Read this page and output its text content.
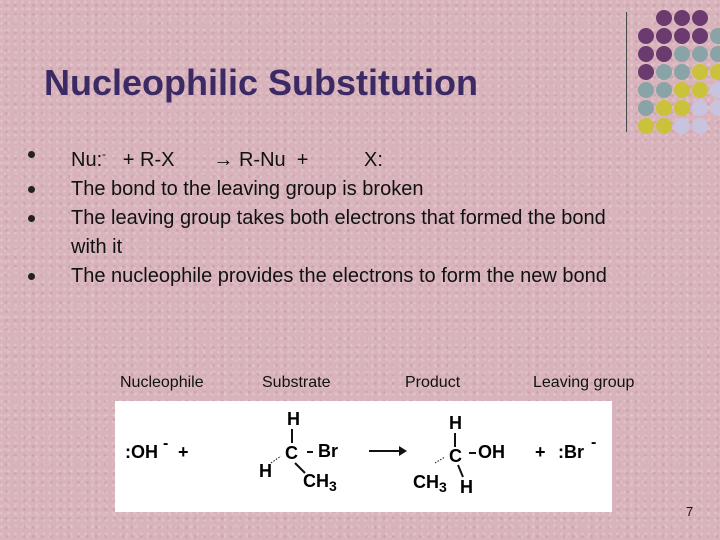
Nucleophilic Substitution
Nu:- + R-X → R-Nu +	X:
The bond to the leaving group is broken
The leaving group takes both electrons that formed the bond with it
The nucleophile provides the electrons to form the new bond
Nucleophile	Substrate	Product	Leaving group
:OH - +
H
C Br
H $CH_3$
H
C OH
$CH_3$ H
+ :Br -
7
